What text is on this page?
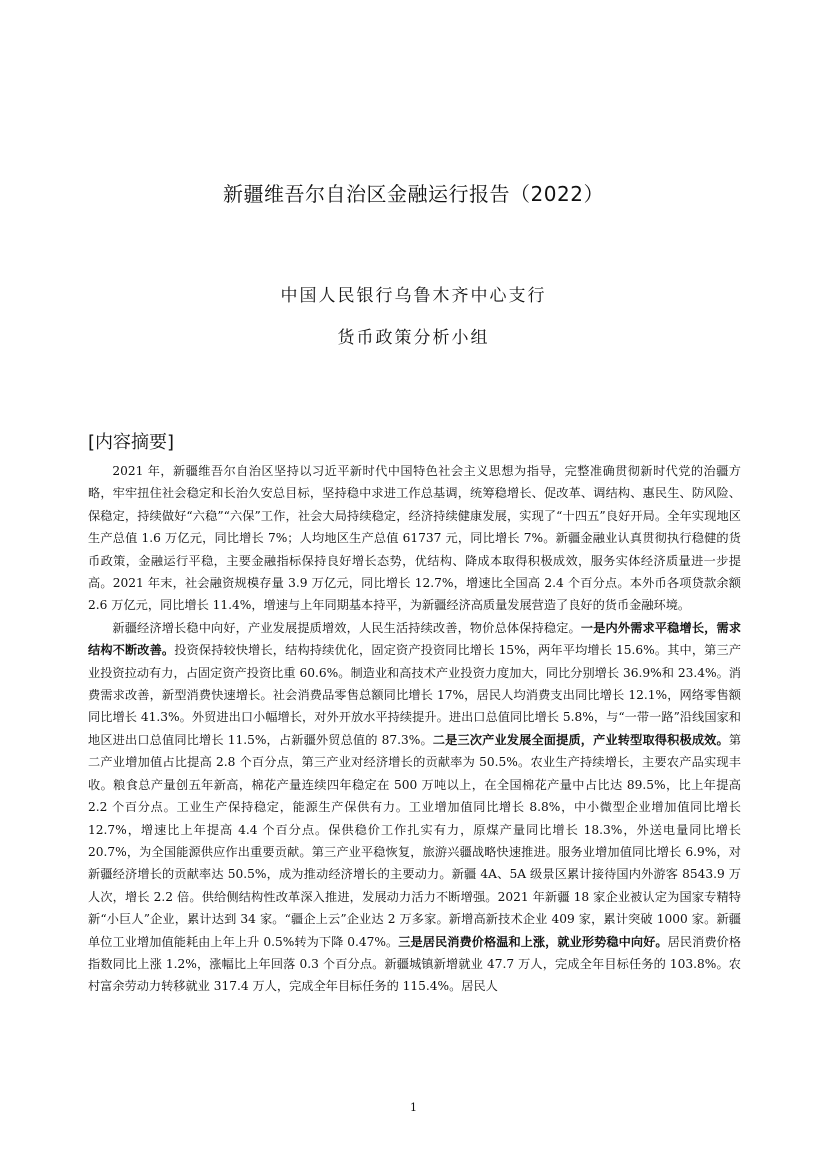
新疆维吾尔自治区金融运行报告（2022）
中国人民银行乌鲁木齐中心支行
货币政策分析小组
[内容摘要]

2021 年，新疆维吾尔自治区坚持以习近平新时代中国特色社会主义思想为指导，完整准确贯彻新时代党的治疆方略，牢牢扭住社会稳定和长治久安总目标，坚持稳中求进工作总基调，统筹稳增长、促改革、调结构、惠民生、防风险、保稳定，持续做好“六稳”“六保”工作，社会大局持续稳定，经济持续健康发展，实现了“十四五”良好开局。全年实现地区生产总值 1.6 万亿元，同比增长 7%；人均地区生产总值 61737 元，同比增长 7%。新疆金融业认真贯彻执行稳健的货币政策，金融运行平稳，主要金融指标保持良好增长态势，优结构、降成本取得积极成效，服务实体经济质量进一步提高。2021 年末，社会融资规模存量 3.9 万亿元，同比增长 12.7%，增速比全国高 2.4 个百分点。本外币各项贷款余额 2.6 万亿元，同比增长 11.4%，增速与上年同期基本持平，为新疆经济高质量发展营造了良好的货币金融环境。

新疆经济增长稳中向好，产业发展提质增效，人民生活持续改善，物价总体保持稳定。一是内外需求平稳增长，需求结构不断改善。投资保持较快增长，结构持续优化，固定资产投资同比增长 15%，两年平均增长 15.6%。其中，第三产业投资拉动有力，占固定资产投资比重 60.6%。制造业和高技术产业投资力度加大，同比分别增长 36.9%和 23.4%。消费需求改善，新型消费快速增长。社会消费品零售总额同比增长 17%，居民人均消费支出同比增长 12.1%，网络零售额同比增长 41.3%。外贸进出口小幅增长，对外开放水平持续提升。进出口总值同比增长 5.8%，与“一带一路”沿线国家和地区进出口总值同比增长 11.5%，占新疆外贸总值的 87.3%。二是三次产业发展全面提质，产业转型取得积极成效。第二产业增加值占比提高 2.8 个百分点，第三产业对经济增长的贡献率为 50.5%。农业生产持续增长，主要农产品实现丰收。粮食总产量创五年新高，棉花产量连续四年稳定在 500 万吨以上，在全国棉花产量中占比达 89.5%，比上年提高 2.2 个百分点。工业生产保持稳定，能源生产保供有力。工业增加值同比增长 8.8%，中小微型企业增加值同比增长 12.7%，增速比上年提高 4.4 个百分点。保供稳价工作扎实有力，原煤产量同比增长 18.3%，外送电量同比增长 20.7%，为全国能源供应作出重要贡献。第三产业平稳恢复，旅游兴疆战略快速推进。服务业增加值同比增长 6.9%，对新疆经济增长的贡献率达 50.5%，成为推动经济增长的主要动力。新疆 4A、5A 级景区累计接待国内外游客 8543.9 万人次，增长 2.2 倍。供给侧结构性改革深入推进，发展动力活力不断增强。2021 年新疆 18 家企业被认定为国家专精特新“小巨人”企业，累计达到 34 家。“疆企上云”企业达 2 万多家。新增高新技术企业 409 家，累计突破 1000 家。新疆单位工业增加值能耗由上年上升 0.5%转为下降 0.47%。三是居民消费价格温和上涨，就业形势稳中向好。居民消费价格指数同比上涨 1.2%，涨幅比上年回落 0.3 个百分点。新疆城镇新增就业 47.7 万人，完成全年目标任务的 103.8%。农村富余劳动力转移就业 317.4 万人，完成全年目标任务的 115.4%。居民人

1
